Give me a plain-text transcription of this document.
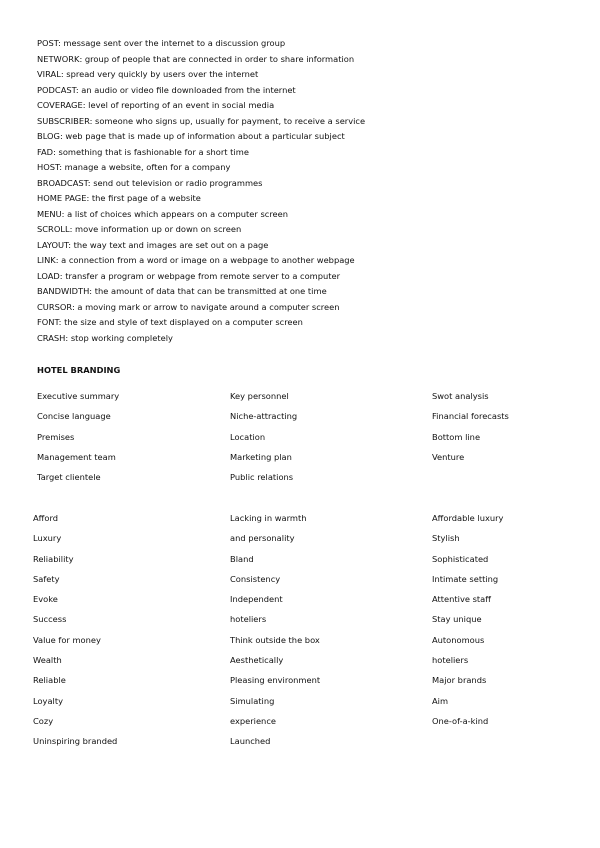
POST: message sent over the internet to a discussion group
NETWORK: group of people that are connected in order to share information
VIRAL: spread very quickly by users over the internet
PODCAST: an audio or video file downloaded from the internet
COVERAGE: level of reporting of an event in social media
SUBSCRIBER: someone who signs up, usually for payment, to receive a service
BLOG: web page that is made up of information about a particular subject
FAD: something that is fashionable for a short time
HOST: manage a website, often for a company
BROADCAST: send out television or radio programmes
HOME PAGE: the first page of a website
MENU: a list of choices which appears on a computer screen
SCROLL: move information up or down on screen
LAYOUT: the way text and images are set out on a page
LINK: a connection from a word or image on a webpage to another webpage
LOAD: transfer a program or webpage from remote server to a computer
BANDWIDTH: the amount of data that can be transmitted at one time
CURSOR: a moving mark or arrow to navigate around a computer screen
FONT: the size and style of text displayed on a computer screen
CRASH: stop working completely
HOTEL BRANDING
Executive summary	Key personnel	Swot analysis
Concise language	Niche-attracting	Financial forecasts
Premises	Location	Bottom line
Management team	Marketing plan	Venture
Target clientele	Public relations
Afford	Lacking in warmth	Affordable luxury
Luxury	and personality	Stylish
Reliability	Bland	Sophisticated
Safety	Consistency	Intimate setting
Evoke	Independent	Attentive staff
Success	hoteliers	Stay unique
Value for money	Think outside the box	Autonomous
Wealth	Aesthetically	hoteliers
Reliable	Pleasing environment	Major brands
Loyalty	Simulating	Aim
Cozy	experience	One-of-a-kind
Uninspiring branded	Launched
